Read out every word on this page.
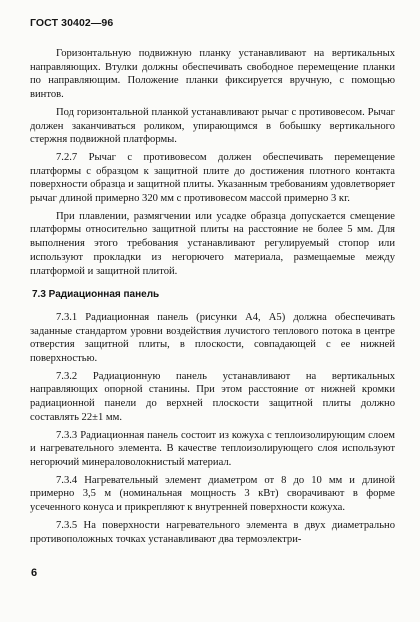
ГОСТ 30402—96

Горизонтальную подвижную планку устанавливают на вертикальных направляющих. Втулки должны обеспечивать свободное перемещение планки по направляющим. Положение планки фиксируется вручную, с помощью винтов.

Под горизонтальной планкой устанавливают рычаг с противовесом. Рычаг должен заканчиваться роликом, упирающимся в бобышку вертикального стержня подвижной платформы.

7.2.7 Рычаг с противовесом должен обеспечивать перемещение платформы с образцом к защитной плите до достижения плотного контакта поверхности образца и защитной плиты. Указанным требованиям удовлетворяет рычаг длиной примерно 320 мм с противовесом массой примерно 3 кг.

При плавлении, размягчении или усадке образца допускается смещение платформы относительно защитной плиты на расстояние не более 5 мм. Для выполнения этого требования устанавливают регулируемый стопор или используют прокладки из негорючего материала, размещаемые между платформой и защитной плитой.

7.3 Радиационная панель

7.3.1 Радиационная панель (рисунки А4, А5) должна обеспечивать заданные стандартом уровни воздействия лучистого теплового потока в центре отверстия защитной плиты, в плоскости, совпадающей с ее нижней поверхностью.

7.3.2 Радиационную панель устанавливают на вертикальных направляющих опорной станины. При этом расстояние от нижней кромки радиационной панели до верхней плоскости защитной плиты должно составлять 22±1 мм.

7.3.3 Радиационная панель состоит из кожуха с теплоизолирующим слоем и нагревательного элемента. В качестве теплоизолирующего слоя используют негорючий минераловолокнистый материал.

7.3.4 Нагревательный элемент диаметром от 8 до 10 мм и длиной примерно 3,5 м (номинальная мощность 3 кВт) сворачивают в форме усеченного конуса и прикрепляют к внутренней поверхности кожуха.

7.3.5 На поверхности нагревательного элемента в двух диаметрально противоположных точках устанавливают два термоэлектри-

6
